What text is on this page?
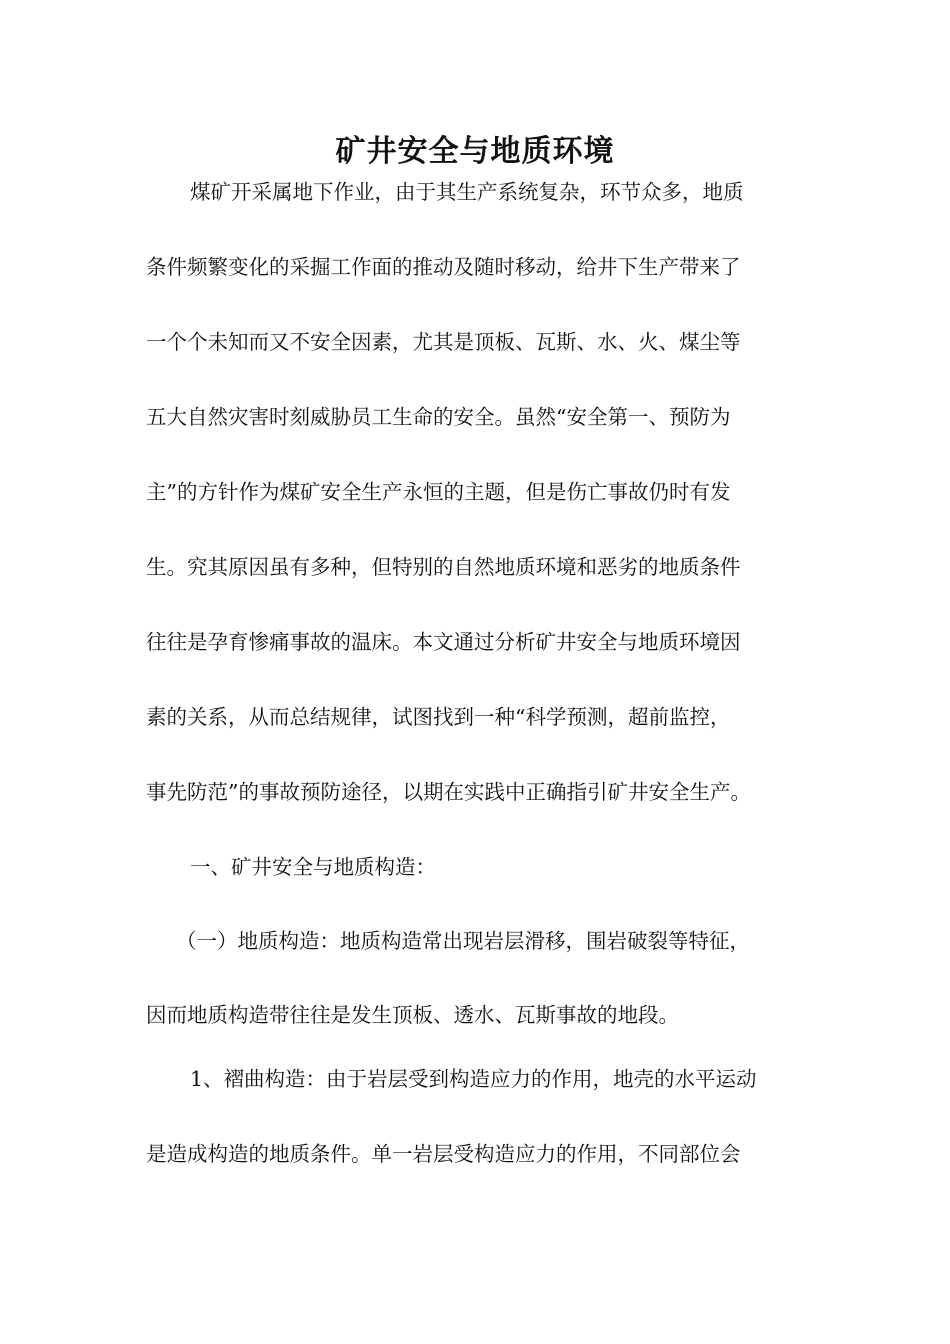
矿井安全与地质环境

煤矿开采属地下作业，由于其生产系统复杂，环节众多，地质

条件频繁变化的采掘工作面的推动及随时移动，给井下生产带来了

一个个未知而又不安全因素，尤其是顶板、瓦斯、水、火、煤尘等

五大自然灾害时刻威胁员工生命的安全。虽然“安全第一、预防为

主”的方针作为煤矿安全生产永恒的主题，但是伤亡事故仍时有发

生。究其原因虽有多种，但特别的自然地质环境和恶劣的地质条件

往往是孕育惨痛事故的温床。本文通过分析矿井安全与地质环境因

素的关系，从而总结规律，试图找到一种“科学预测，超前监控，

事先防范”的事故预防途径，以期在实践中正确指引矿井安全生产。

一、矿井安全与地质构造：

（一）地质构造：地质构造常出现岩层滑移，围岩破裂等特征，

因而地质构造带往往是发生顶板、透水、瓦斯事故的地段。

1、褶曲构造：由于岩层受到构造应力的作用，地壳的水平运动

是造成构造的地质条件。单一岩层受构造应力的作用，不同部位会
